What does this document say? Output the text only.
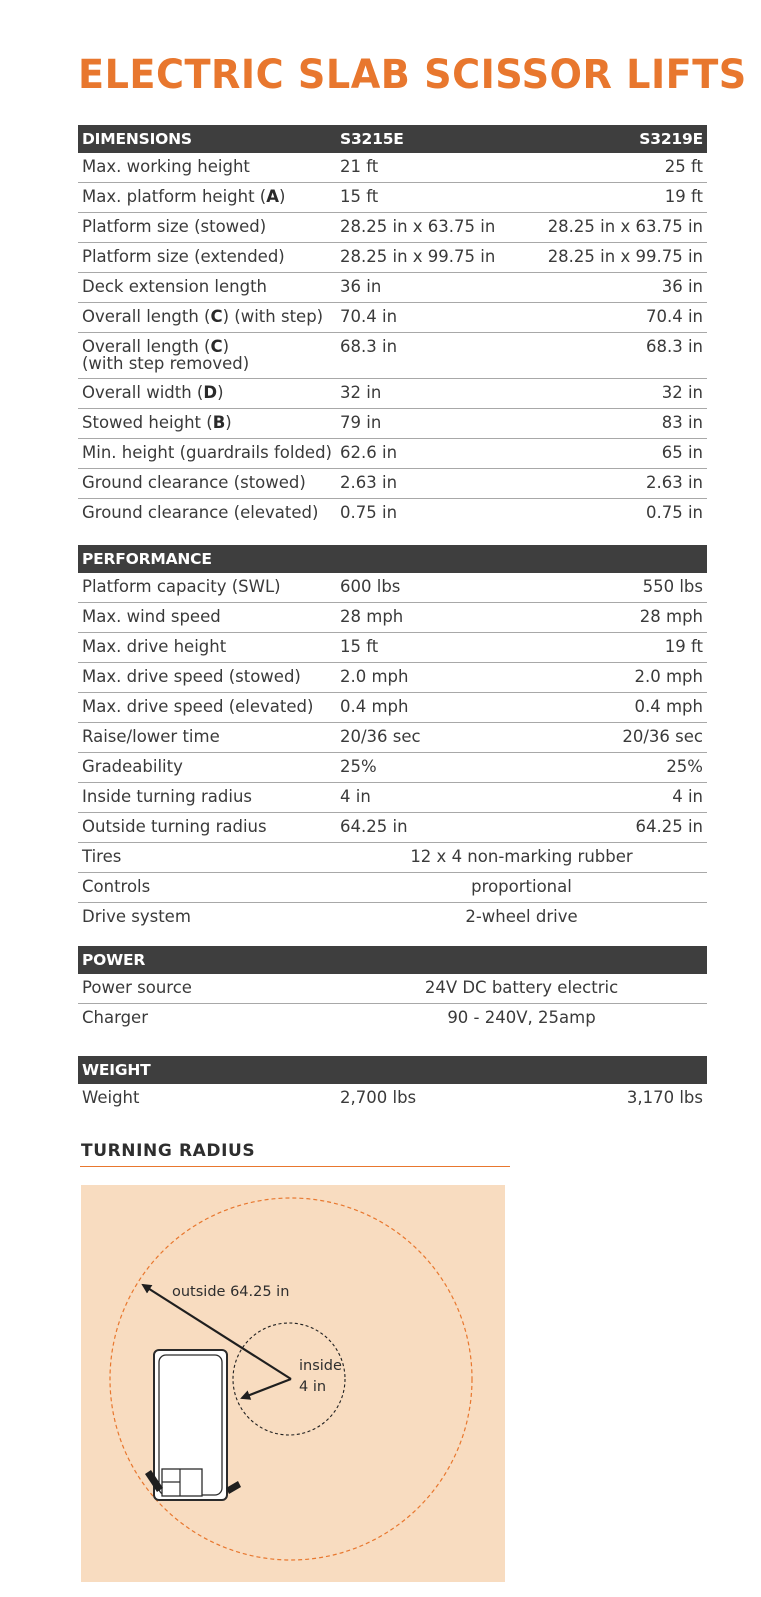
ELECTRIC SLAB SCISSOR LIFTS
DIMENSIONS	S3215E	S3219E
Max. working height	21 ft	25 ft
Max. platform height (A)	15 ft	19 ft
Platform size (stowed)	28.25 in x 63.75 in	28.25 in x 63.75 in
Platform size (extended)	28.25 in x 99.75 in	28.25 in x 99.75 in
Deck extension length	36 in	36 in
Overall length (C) (with step)	70.4 in	70.4 in
Overall length (C)
(with step removed)	68.3 in	68.3 in
Overall width (D)	32 in	32 in
Stowed height (B)	79 in	83 in
Min. height (guardrails folded)	62.6 in	65 in
Ground clearance (stowed)	2.63 in	2.63 in
Ground clearance (elevated)	0.75 in	0.75 in
PERFORMANCE		
Platform capacity (SWL)	600 lbs	550 lbs
Max. wind speed	28 mph	28 mph
Max. drive height	15 ft	19 ft
Max. drive speed (stowed)	2.0 mph	2.0 mph
Max. drive speed (elevated)	0.4 mph	0.4 mph
Raise/lower time	20/36 sec	20/36 sec
Gradeability	25%	25%
Inside turning radius	4 in	4 in
Outside turning radius	64.25 in	64.25 in
Tires	12 x 4 non-marking rubber	
Controls	proportional	
Drive system	2-wheel drive	
POWER		
Power source	24V DC battery electric	
Charger	90 - 240V, 25amp	
WEIGHT		
Weight	2,700 lbs	3,170 lbs
TURNING RADIUS
outside 64.25 in
inside
4 in
